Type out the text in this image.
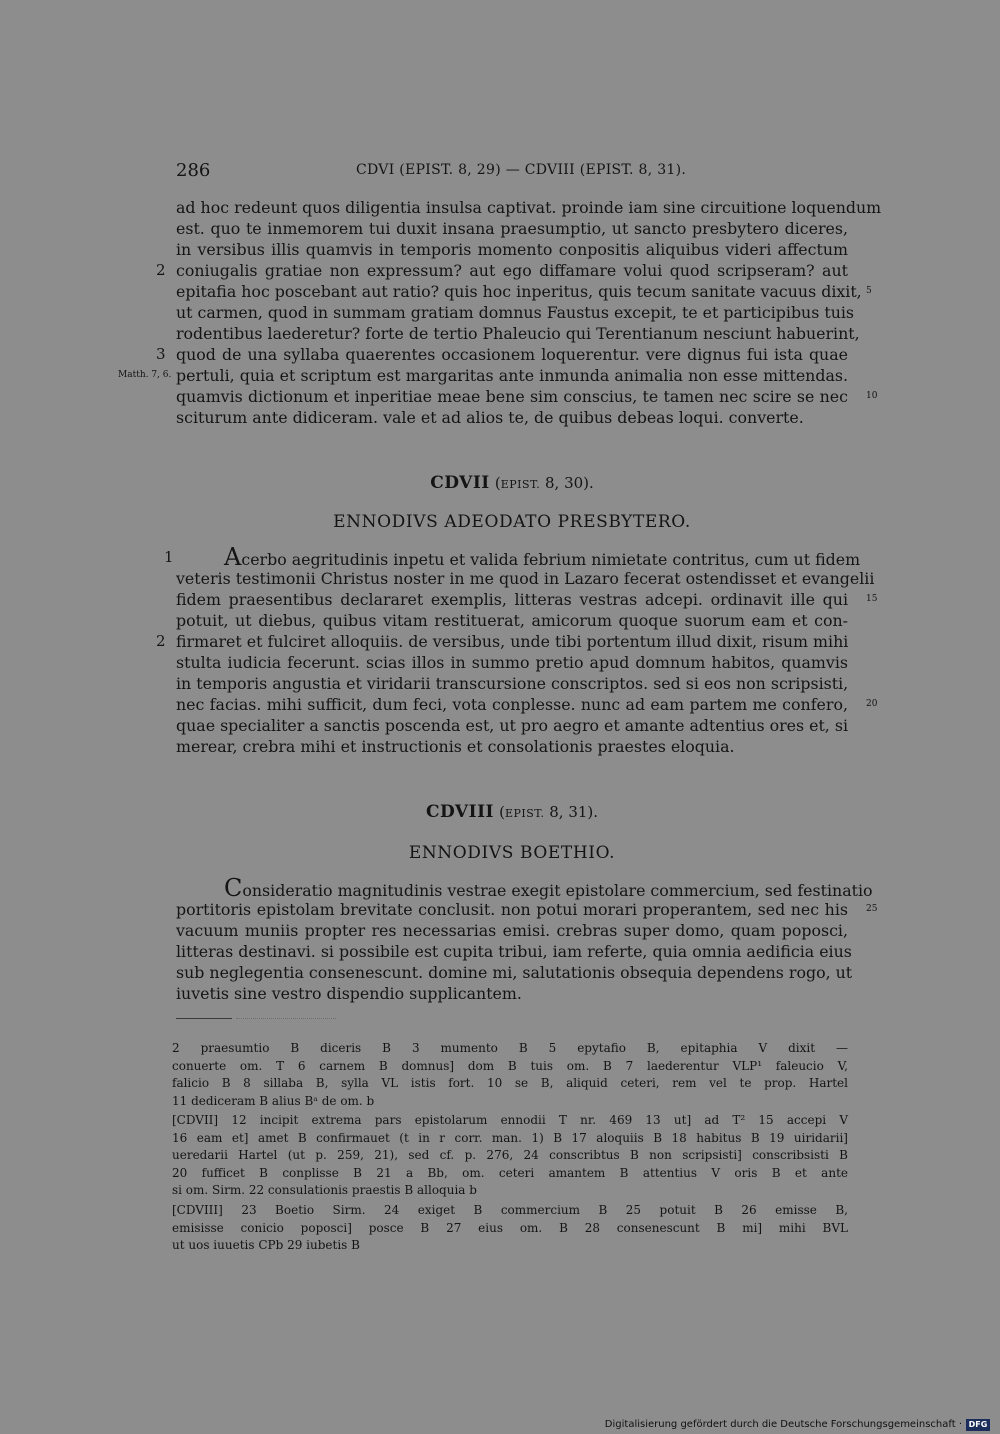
286	CDVI (EPIST. 8, 29) — CDVIII (EPIST. 8, 31).
ad hoc redeunt quos diligentia insulsa captivat. proinde iam sine circuitione loquendum
est. quo te inmemorem tui duxit insana praesumptio, ut sancto presbytero diceres,
in versibus illis quamvis in temporis momento conpositis aliquibus videri affectum
coniugalis gratiae non expressum? aut ego diffamare volui quod scripseram? aut
epitafia hoc poscebant aut ratio? quis hoc inperitus, quis tecum sanitate vacuus dixit,
ut carmen, quod in summam gratiam domnus Faustus excepit, te et participibus tuis
rodentibus laederetur? forte de tertio Phaleucio qui Terentianum nesciunt habuerint,
quod de una syllaba quaerentes occasionem loquerentur. vere dignus fui ista quae
pertuli, quia et scriptum est margaritas ante inmunda animalia non esse mittendas.
quamvis dictionum et inperitiae meae bene sim conscius, te tamen nec scire se nec
sciturum ante didiceram. vale et ad alios te, de quibus debeas loqui. converte.
2
3
Matth. 7, 6.
5
10
CDVII (EPIST. 8, 30).
ENNODIVS ADEODATO PRESBYTERO.
Acerbo aegritudinis inpetu et valida febrium nimietate contritus, cum ut fidem
veteris testimonii Christus noster in me quod in Lazaro fecerat ostendisset et evangelii
fidem praesentibus declararet exemplis, litteras vestras adcepi. ordinavit ille qui
potuit, ut diebus, quibus vitam restituerat, amicorum quoque suorum eam et con-
firmaret et fulciret alloquiis. de versibus, unde tibi portentum illud dixit, risum mihi
stulta iudicia fecerunt. scias illos in summo pretio apud domnum habitos, quamvis
in temporis angustia et viridarii transcursione conscriptos. sed si eos non scripsisti,
nec facias. mihi sufficit, dum feci, vota conplesse. nunc ad eam partem me confero,
quae specialiter a sanctis poscenda est, ut pro aegro et amante adtentius ores et, si
merear, crebra mihi et instructionis et consolationis praestes eloquia.
1
2
15
20
CDVIII (EPIST. 8, 31).
ENNODIVS BOETHIO.
Consideratio magnitudinis vestrae exegit epistolare commercium, sed festinatio
portitoris epistolam brevitate conclusit. non potui morari properantem, sed nec his
vacuum muniis propter res necessarias emisi. crebras super domo, quam poposci,
litteras destinavi. si possibile est cupita tribui, iam referte, quia omnia aedificia eius
sub neglegentia consenescunt. domine mi, salutationis obsequia dependens rogo, ut
iuvetis sine vestro dispendio supplicantem.
25
2 praesumtio B diceris B 3 mumento B 5 epytafio B, epitaphia V dixit —
conuerte om. T 6 carnem B domnus] dom B tuis om. B 7 laederentur VLP¹ faleucio V,
falicio B 8 sillaba B, sylla VL istis fort. 10 se B, aliquid ceteri, rem vel te prop. Hartel
11 dediceram B alius Bᵃ de om. b
[CDVII] 12 incipit extrema pars epistolarum ennodii T nr. 469 13 ut] ad T² 15 accepi V
16 eam et] amet B confirmauet (t in r corr. man. 1) B 17 aloquiis B 18 habitus B 19 uiridarii]
ueredarii Hartel (ut p. 259, 21), sed cf. p. 276, 24 conscribtus B non scripsisti] conscribsisti B
20 fufficet B conplisse B 21 a Bb, om. ceteri amantem B attentius V oris B et ante
si om. Sirm. 22 consulationis praestis B alloquia b
[CDVIII] 23 Boetio Sirm. 24 exiget B commercium B 25 potuit B 26 emisse B,
emisisse conicio poposci] posce B 27 eius om. B 28 consenescunt B mi] mihi BVL
ut uos iuuetis CPb 29 iubetis B
Digitalisierung gefördert durch die Deutsche Forschungsgemeinschaft · DFG
